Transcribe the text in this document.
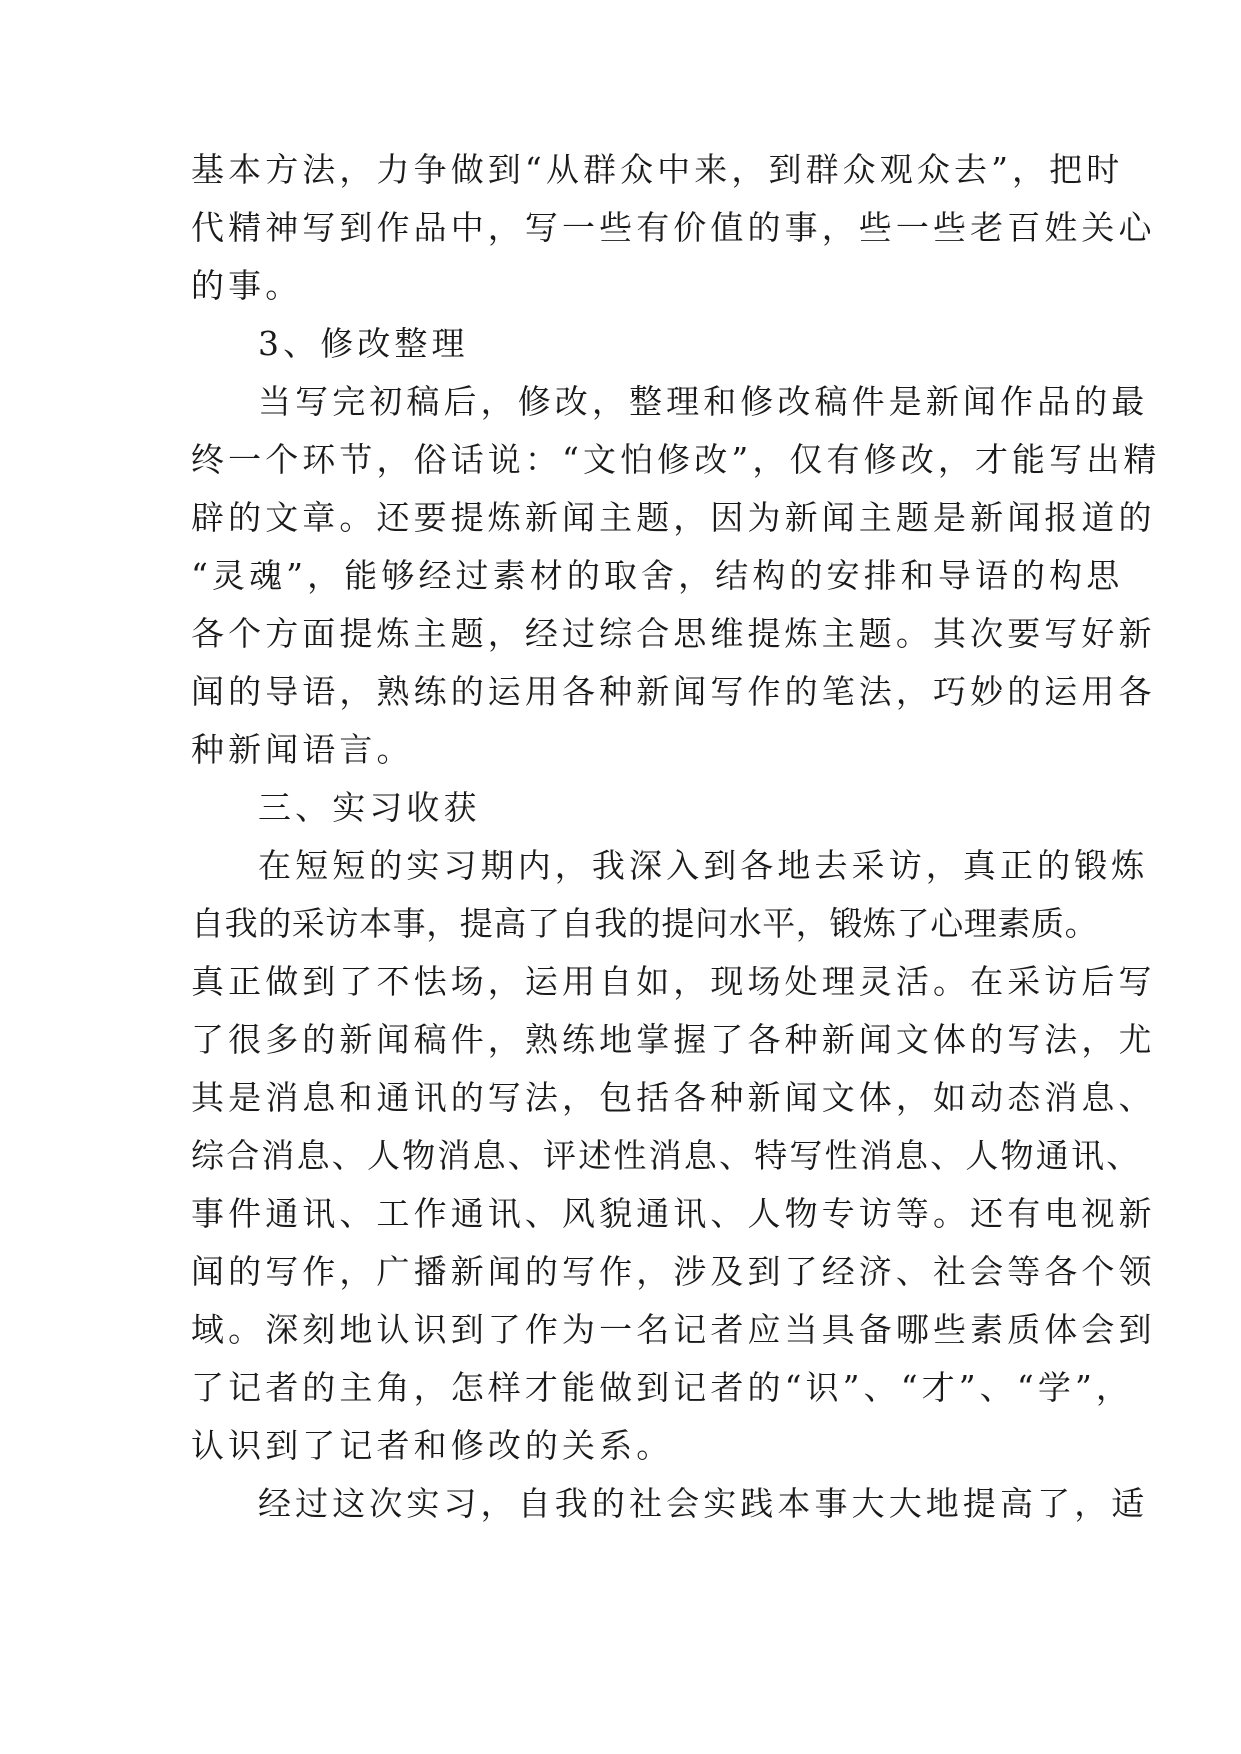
基本方法，力争做到“从群众中来，到群众观众去”，把时
代精神写到作品中，写一些有价值的事，些一些老百姓关心
的事。
3、修改整理
当写完初稿后，修改，整理和修改稿件是新闻作品的最
终一个环节，俗话说：“文怕修改”，仅有修改，才能写出精
辟的文章。还要提炼新闻主题，因为新闻主题是新闻报道的
“灵魂”，能够经过素材的取舍，结构的安排和导语的构思
各个方面提炼主题，经过综合思维提炼主题。其次要写好新
闻的导语，熟练的运用各种新闻写作的笔法，巧妙的运用各
种新闻语言。
三、实习收获
在短短的实习期内，我深入到各地去采访，真正的锻炼
自我的采访本事，提高了自我的提问水平，锻炼了心理素质。
真正做到了不怯场，运用自如，现场处理灵活。在采访后写
了很多的新闻稿件，熟练地掌握了各种新闻文体的写法，尤
其是消息和通讯的写法，包括各种新闻文体，如动态消息、
综合消息、人物消息、评述性消息、特写性消息、人物通讯、
事件通讯、工作通讯、风貌通讯、人物专访等。还有电视新
闻的写作，广播新闻的写作，涉及到了经济、社会等各个领
域。深刻地认识到了作为一名记者应当具备哪些素质体会到
了记者的主角，怎样才能做到记者的“识”、“才”、“学”，
认识到了记者和修改的关系。
经过这次实习，自我的社会实践本事大大地提高了，适
